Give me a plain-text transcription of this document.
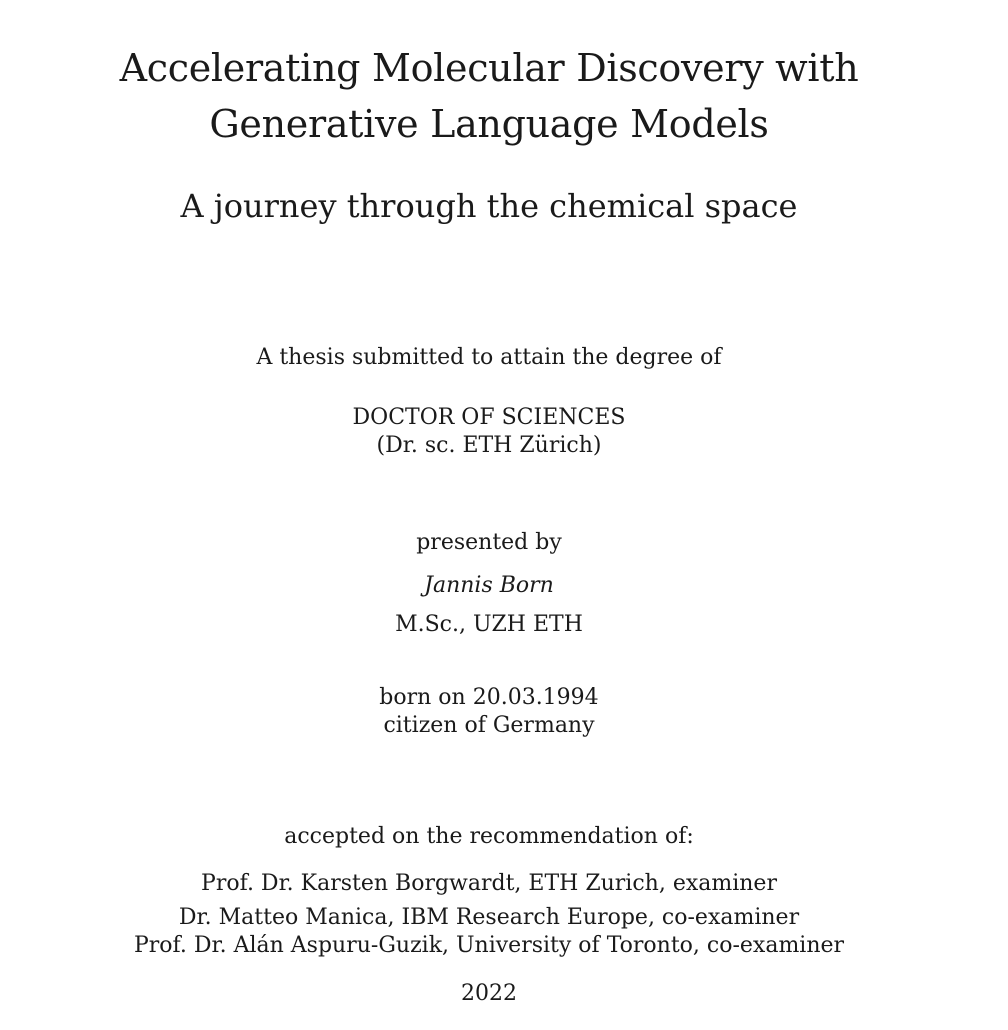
Accelerating Molecular Discovery with
Generative Language Models
A journey through the chemical space
A thesis submitted to attain the degree of
DOCTOR OF SCIENCES
(Dr. sc. ETH Zürich)
presented by
Jannis Born
M.Sc., UZH ETH
born on 20.03.1994
citizen of Germany
accepted on the recommendation of:
Prof. Dr. Karsten Borgwardt, ETH Zurich, examiner
Dr. Matteo Manica, IBM Research Europe, co-examiner
Prof. Dr. Alán Aspuru-Guzik, University of Toronto, co-examiner
2022
